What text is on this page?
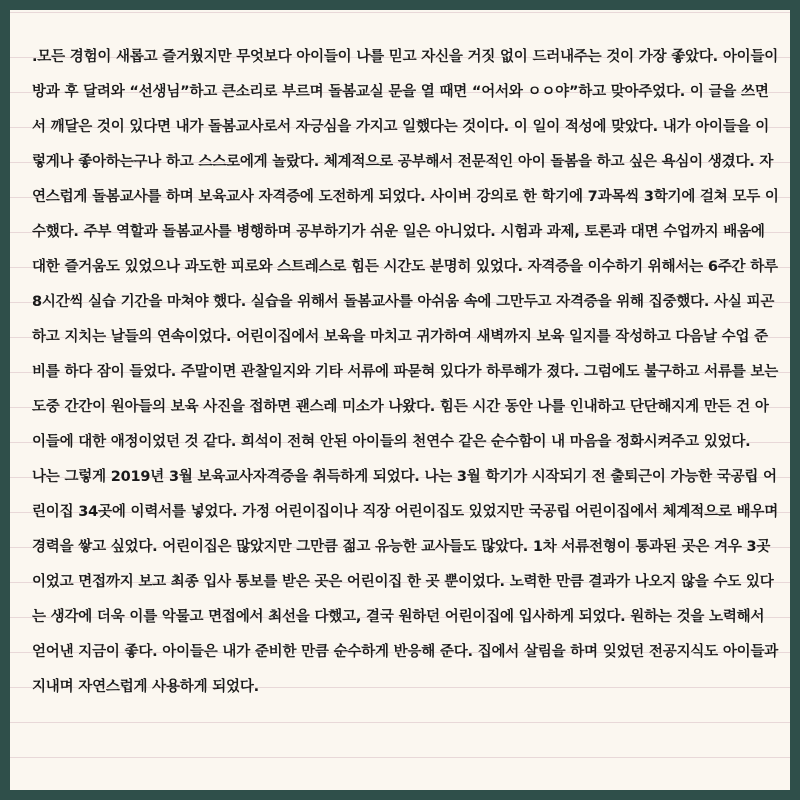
.모든 경험이 새롭고 즐거웠지만 무엇보다 아이들이 나를 믿고 자신을 거짓 없이 드러내주는 것이 가장 좋았다. 아이들이 방과 후 달려와 “선생님”하고 큰소리로 부르며 돌봄교실 문을 열 때면 “어서와 ㅇㅇ야”하고 맞아주었다. 이 글을 쓰면서 깨달은 것이 있다면 내가 돌봄교사로서 자긍심을 가지고 일했다는 것이다. 이 일이 적성에 맞았다. 내가 아이들을 이렇게나 좋아하는구나 하고 스스로에게 놀랐다. 체계적으로 공부해서 전문적인 아이 돌봄을 하고 싶은 욕심이 생겼다. 자연스럽게 돌봄교사를 하며 보육교사 자격증에 도전하게 되었다. 사이버 강의로 한 학기에 7과목씩 3학기에 걸쳐 모두 이수했다. 주부 역할과 돌봄교사를 병행하며 공부하기가 쉬운 일은 아니었다. 시험과 과제, 토론과 대면 수업까지 배움에 대한 즐거움도 있었으나 과도한 피로와 스트레스로 힘든 시간도 분명히 있었다. 자격증을 이수하기 위해서는 6주간 하루 8시간씩 실습 기간을 마쳐야 했다. 실습을 위해서 돌봄교사를 아쉬움 속에 그만두고 자격증을 위해 집중했다. 사실 피곤하고 지치는 날들의 연속이었다. 어린이집에서 보육을 마치고 귀가하여 새벽까지 보육 일지를 작성하고 다음날 수업 준비를 하다 잠이 들었다. 주말이면 관찰일지와 기타 서류에 파묻혀 있다가 하루해가 졌다. 그럼에도 불구하고 서류를 보는 도중 간간이 원아들의 보육 사진을 접하면 괜스레 미소가 나왔다. 힘든 시간 동안 나를 인내하고 단단해지게 만든 건 아이들에 대한 애정이었던 것 같다. 희석이 전혀 안된 아이들의 천연수 같은 순수함이 내 마음을 정화시켜주고 있었다.
나는 그렇게 2019년 3월 보육교사자격증을 취득하게 되었다. 나는 3월 학기가 시작되기 전 출퇴근이 가능한 국공립 어린이집 34곳에 이력서를 넣었다. 가정 어린이집이나 직장 어린이집도 있었지만 국공립 어린이집에서 체계적으로 배우며 경력을 쌓고 싶었다. 어린이집은 많았지만 그만큼 젊고 유능한 교사들도 많았다. 1차 서류전형이 통과된 곳은 겨우 3곳이었고 면접까지 보고 최종 입사 통보를 받은 곳은 어린이집 한 곳 뿐이었다. 노력한 만큼 결과가 나오지 않을 수도 있다는 생각에 더욱 이를 악물고 면접에서 최선을 다했고, 결국 원하던 어린이집에 입사하게 되었다. 원하는 것을 노력해서 얻어낸 지금이 좋다. 아이들은 내가 준비한 만큼 순수하게 반응해 준다. 집에서 살림을 하며 잊었던 전공지식도 아이들과 지내며 자연스럽게 사용하게 되었다.
